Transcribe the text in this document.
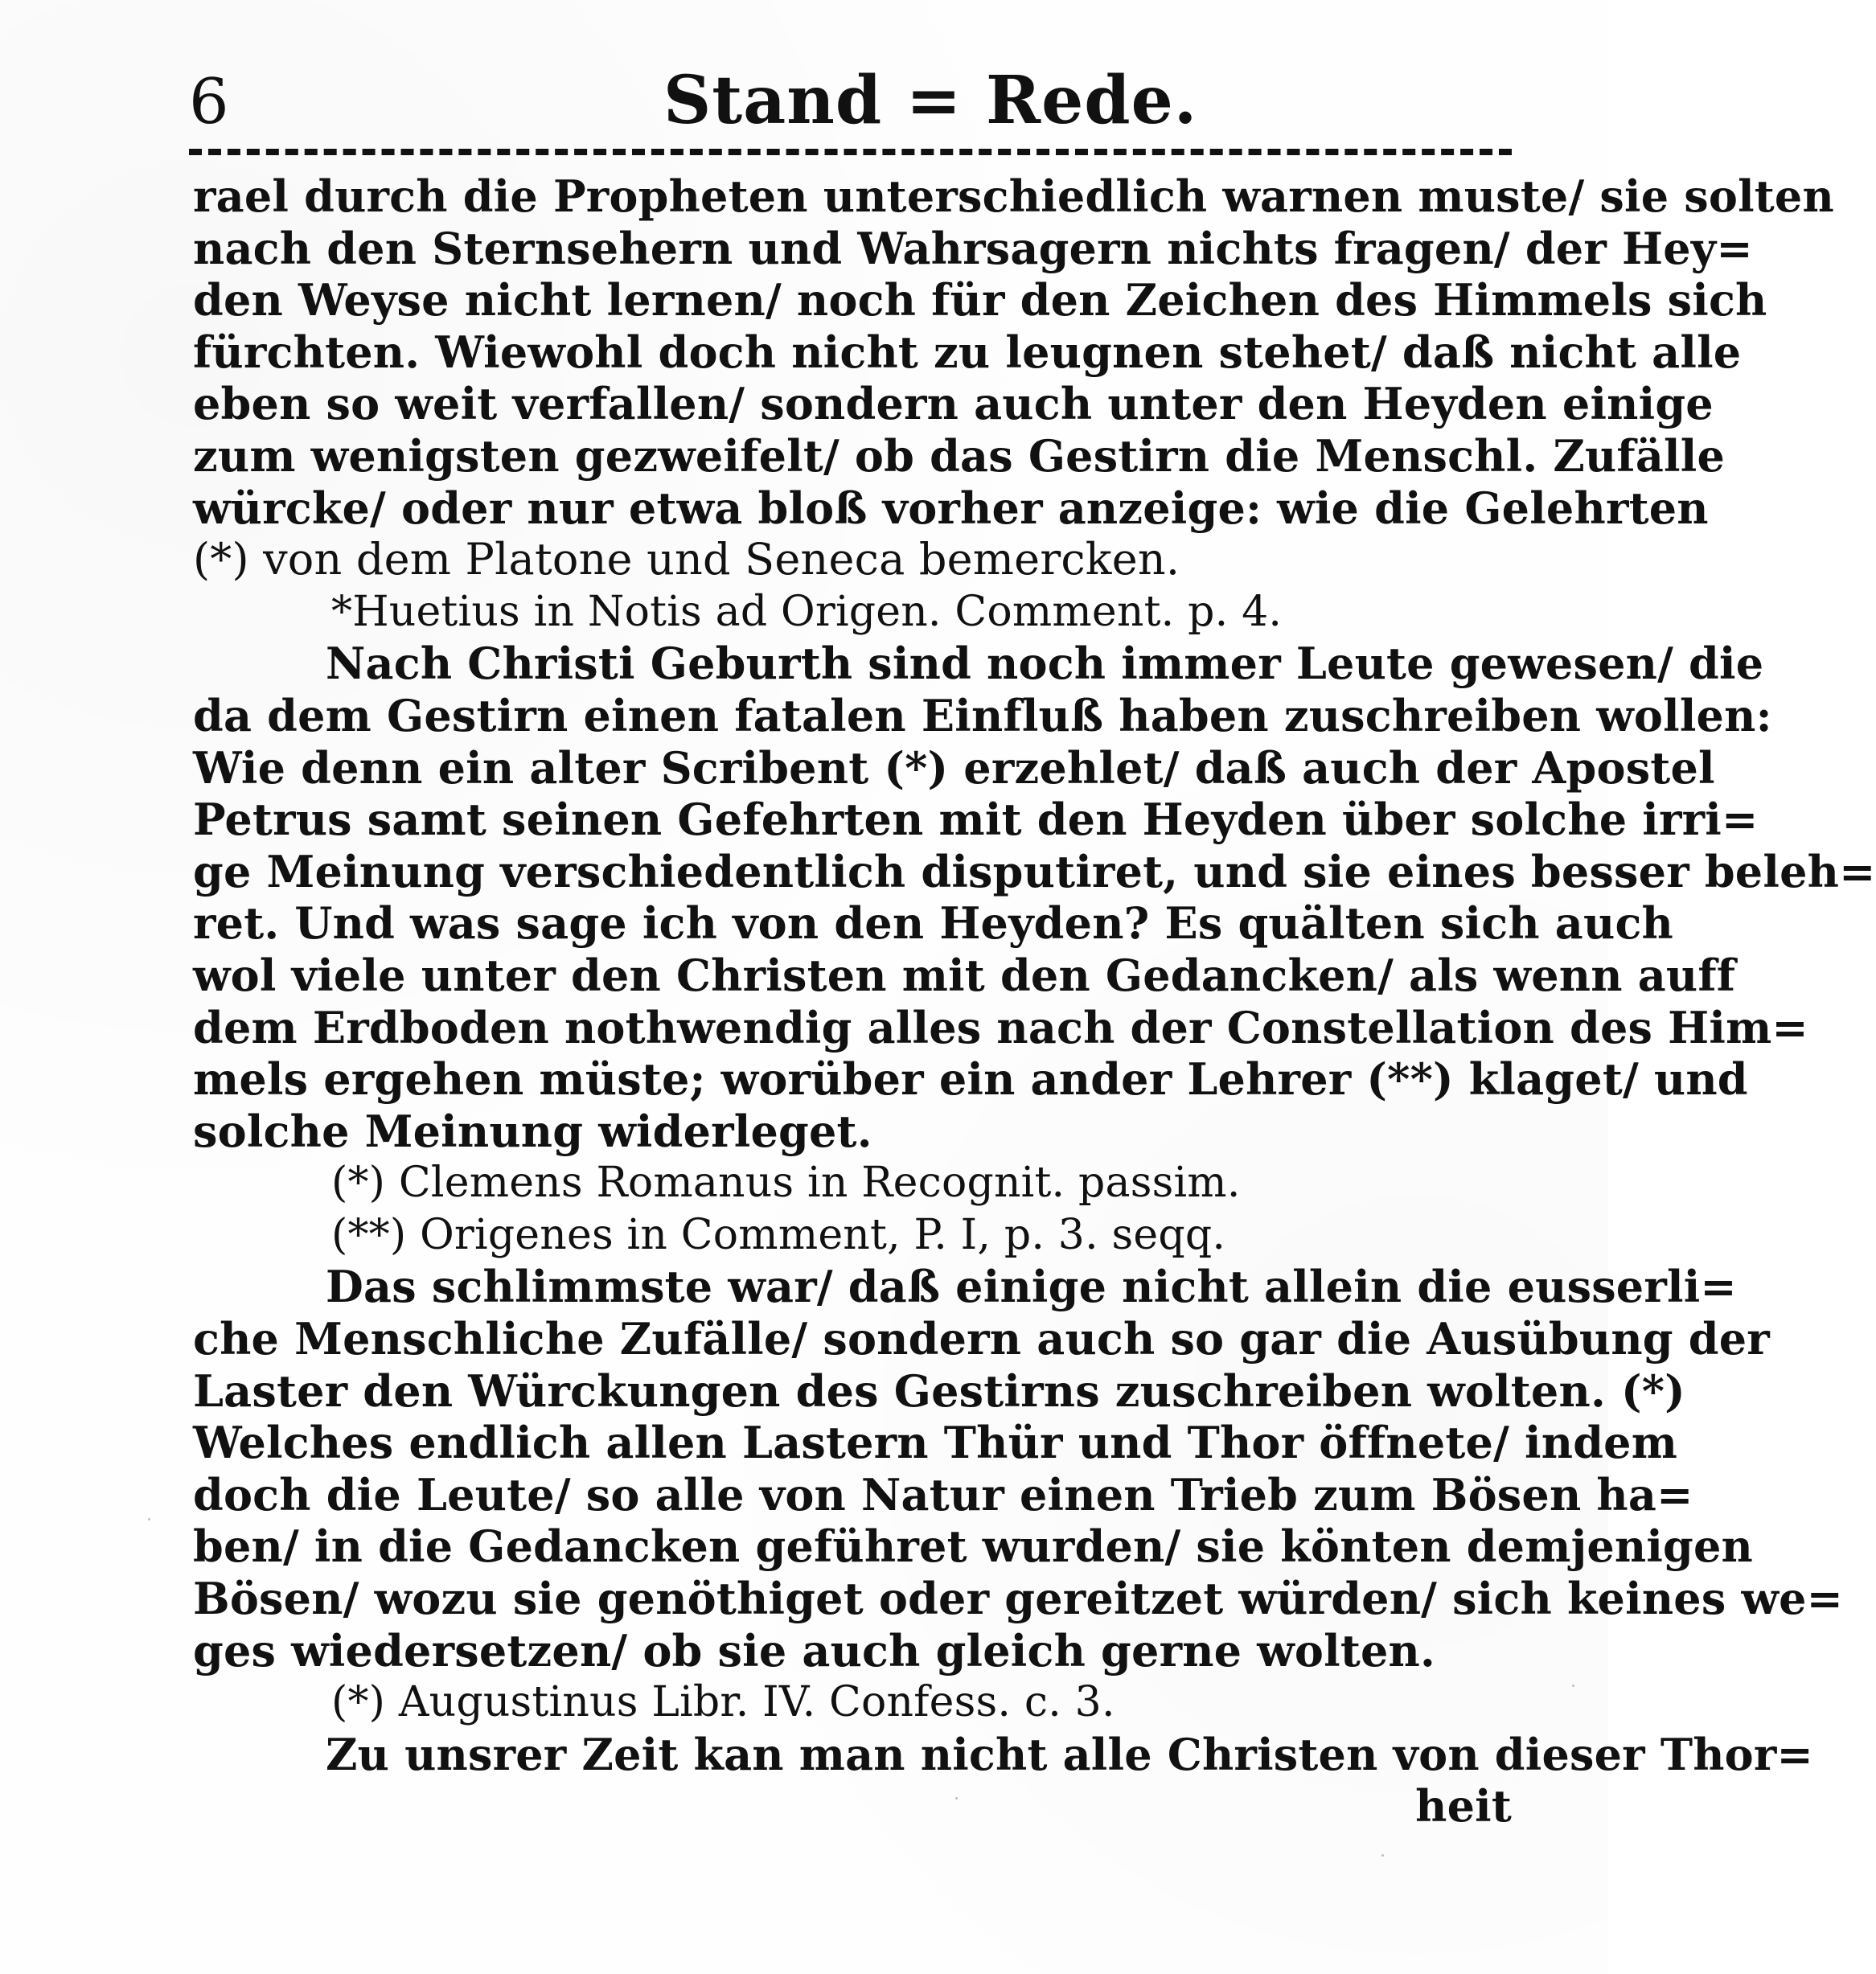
6	Stand = Rede.
rael durch die Propheten unterschiedlich warnen muste/ sie solten
nach den Sternsehern und Wahrsagern nichts fragen/ der Hey=
den Weyse nicht lernen/ noch für den Zeichen des Himmels sich
fürchten. Wiewohl doch nicht zu leugnen stehet/ daß nicht alle
eben so weit verfallen/ sondern auch unter den Heyden einige
zum wenigsten gezweifelt/ ob das Gestirn die Menschl. Zufälle
würcke/ oder nur etwa bloß vorher anzeige: wie die Gelehrten
(*) von dem Platone und Seneca bemercken.
*Huetius in Notis ad Origen. Comment. p. 4.
Nach Christi Geburth sind noch immer Leute gewesen/ die
da dem Gestirn einen fatalen Einfluß haben zuschreiben wollen:
Wie denn ein alter Scribent (*) erzehlet/ daß auch der Apostel
Petrus samt seinen Gefehrten mit den Heyden über solche irri=
ge Meinung verschiedentlich disputiret, und sie eines besser beleh=
ret. Und was sage ich von den Heyden? Es quälten sich auch
wol viele unter den Christen mit den Gedancken/ als wenn auff
dem Erdboden nothwendig alles nach der Constellation des Him=
mels ergehen müste; worüber ein ander Lehrer (**) klaget/ und
solche Meinung widerleget.
(*) Clemens Romanus in Recognit. passim.
(**) Origenes in Comment, P. I, p. 3. seqq.
Das schlimmste war/ daß einige nicht allein die eusserli=
che Menschliche Zufälle/ sondern auch so gar die Ausübung der
Laster den Würckungen des Gestirns zuschreiben wolten. (*)
Welches endlich allen Lastern Thür und Thor öffnete/ indem
doch die Leute/ so alle von Natur einen Trieb zum Bösen ha=
ben/ in die Gedancken geführet wurden/ sie könten demjenigen
Bösen/ wozu sie genöthiget oder gereitzet würden/ sich keines we=
ges wiedersetzen/ ob sie auch gleich gerne wolten.
(*) Augustinus Libr. IV. Confess. c. 3.
Zu unsrer Zeit kan man nicht alle Christen von dieser Thor=
heit
